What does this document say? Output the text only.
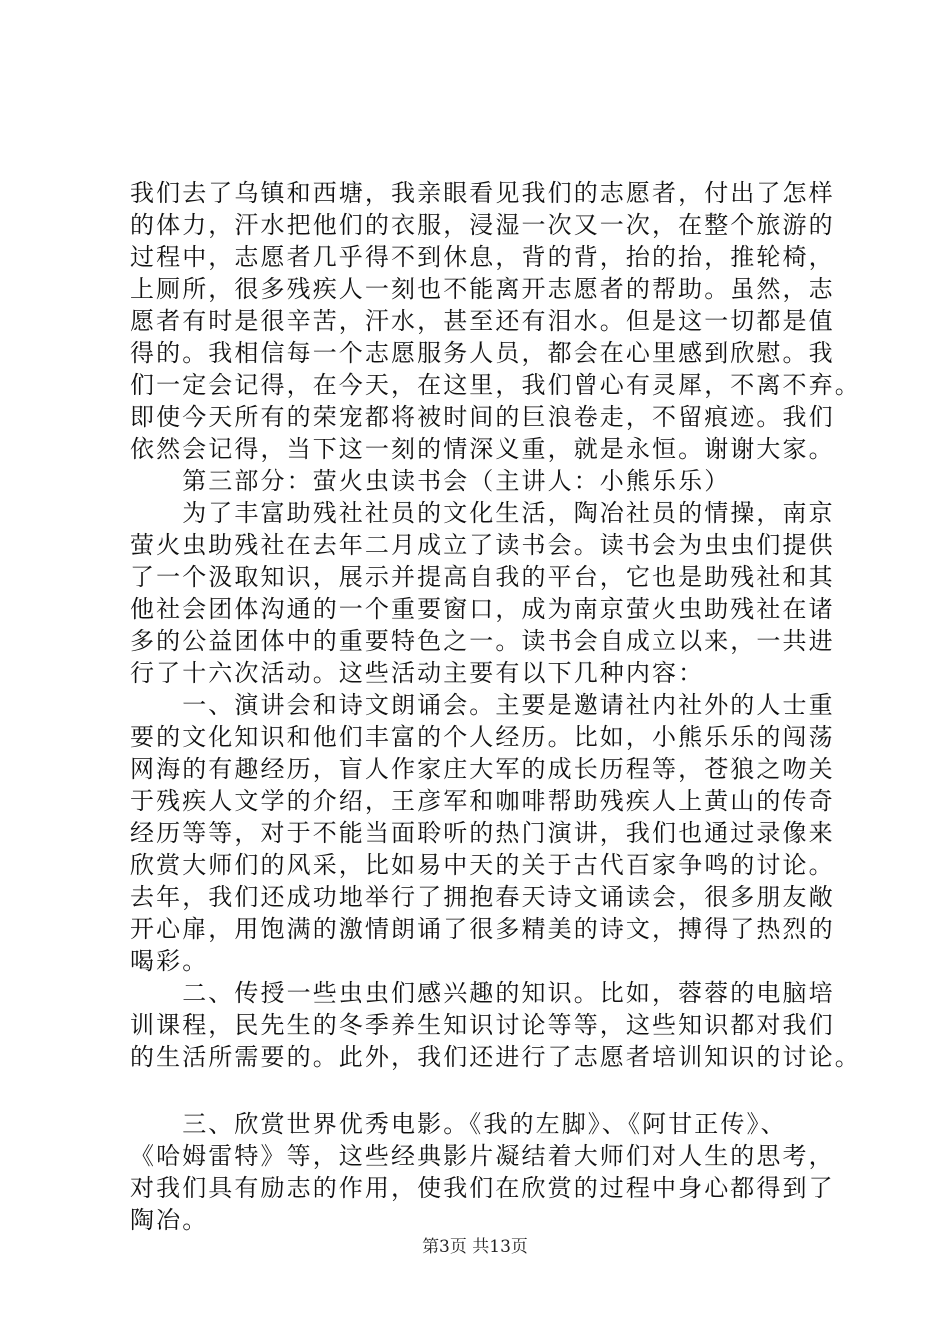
我们去了乌镇和西塘，我亲眼看见我们的志愿者，付出了怎样
的体力，汗水把他们的衣服，浸湿一次又一次，在整个旅游的
过程中，志愿者几乎得不到休息，背的背，抬的抬，推轮椅，
上厕所，很多残疾人一刻也不能离开志愿者的帮助。虽然，志
愿者有时是很辛苦，汗水，甚至还有泪水。但是这一切都是值
得的。我相信每一个志愿服务人员，都会在心里感到欣慰。我
们一定会记得，在今天，在这里，我们曾心有灵犀，不离不弃。
即使今天所有的荣宠都将被时间的巨浪卷走，不留痕迹。我们
依然会记得，当下这一刻的情深义重，就是永恒。谢谢大家。
　　第三部分：萤火虫读书会（主讲人：小熊乐乐）
　　为了丰富助残社社员的文化生活，陶冶社员的情操，南京
萤火虫助残社在去年二月成立了读书会。读书会为虫虫们提供
了一个汲取知识，展示并提高自我的平台，它也是助残社和其
他社会团体沟通的一个重要窗口，成为南京萤火虫助残社在诸
多的公益团体中的重要特色之一。读书会自成立以来，一共进
行了十六次活动。这些活动主要有以下几种内容：
　　一、演讲会和诗文朗诵会。主要是邀请社内社外的人士重
要的文化知识和他们丰富的个人经历。比如，小熊乐乐的闯荡
网海的有趣经历，盲人作家庄大军的成长历程等，苍狼之吻关
于残疾人文学的介绍，王彦军和咖啡帮助残疾人上黄山的传奇
经历等等，对于不能当面聆听的热门演讲，我们也通过录像来
欣赏大师们的风采，比如易中天的关于古代百家争鸣的讨论。
去年，我们还成功地举行了拥抱春天诗文诵读会，很多朋友敞
开心扉，用饱满的激情朗诵了很多精美的诗文，搏得了热烈的
喝彩。
　　二、传授一些虫虫们感兴趣的知识。比如，蓉蓉的电脑培
训课程，民先生的冬季养生知识讨论等等，这些知识都对我们
的生活所需要的。此外，我们还进行了志愿者培训知识的讨论。
　　三、欣赏世界优秀电影。《我的左脚》、《阿甘正传》、
《哈姆雷特》等，这些经典影片凝结着大师们对人生的思考，
对我们具有励志的作用，使我们在欣赏的过程中身心都得到了
陶冶。
第3页 共13页
